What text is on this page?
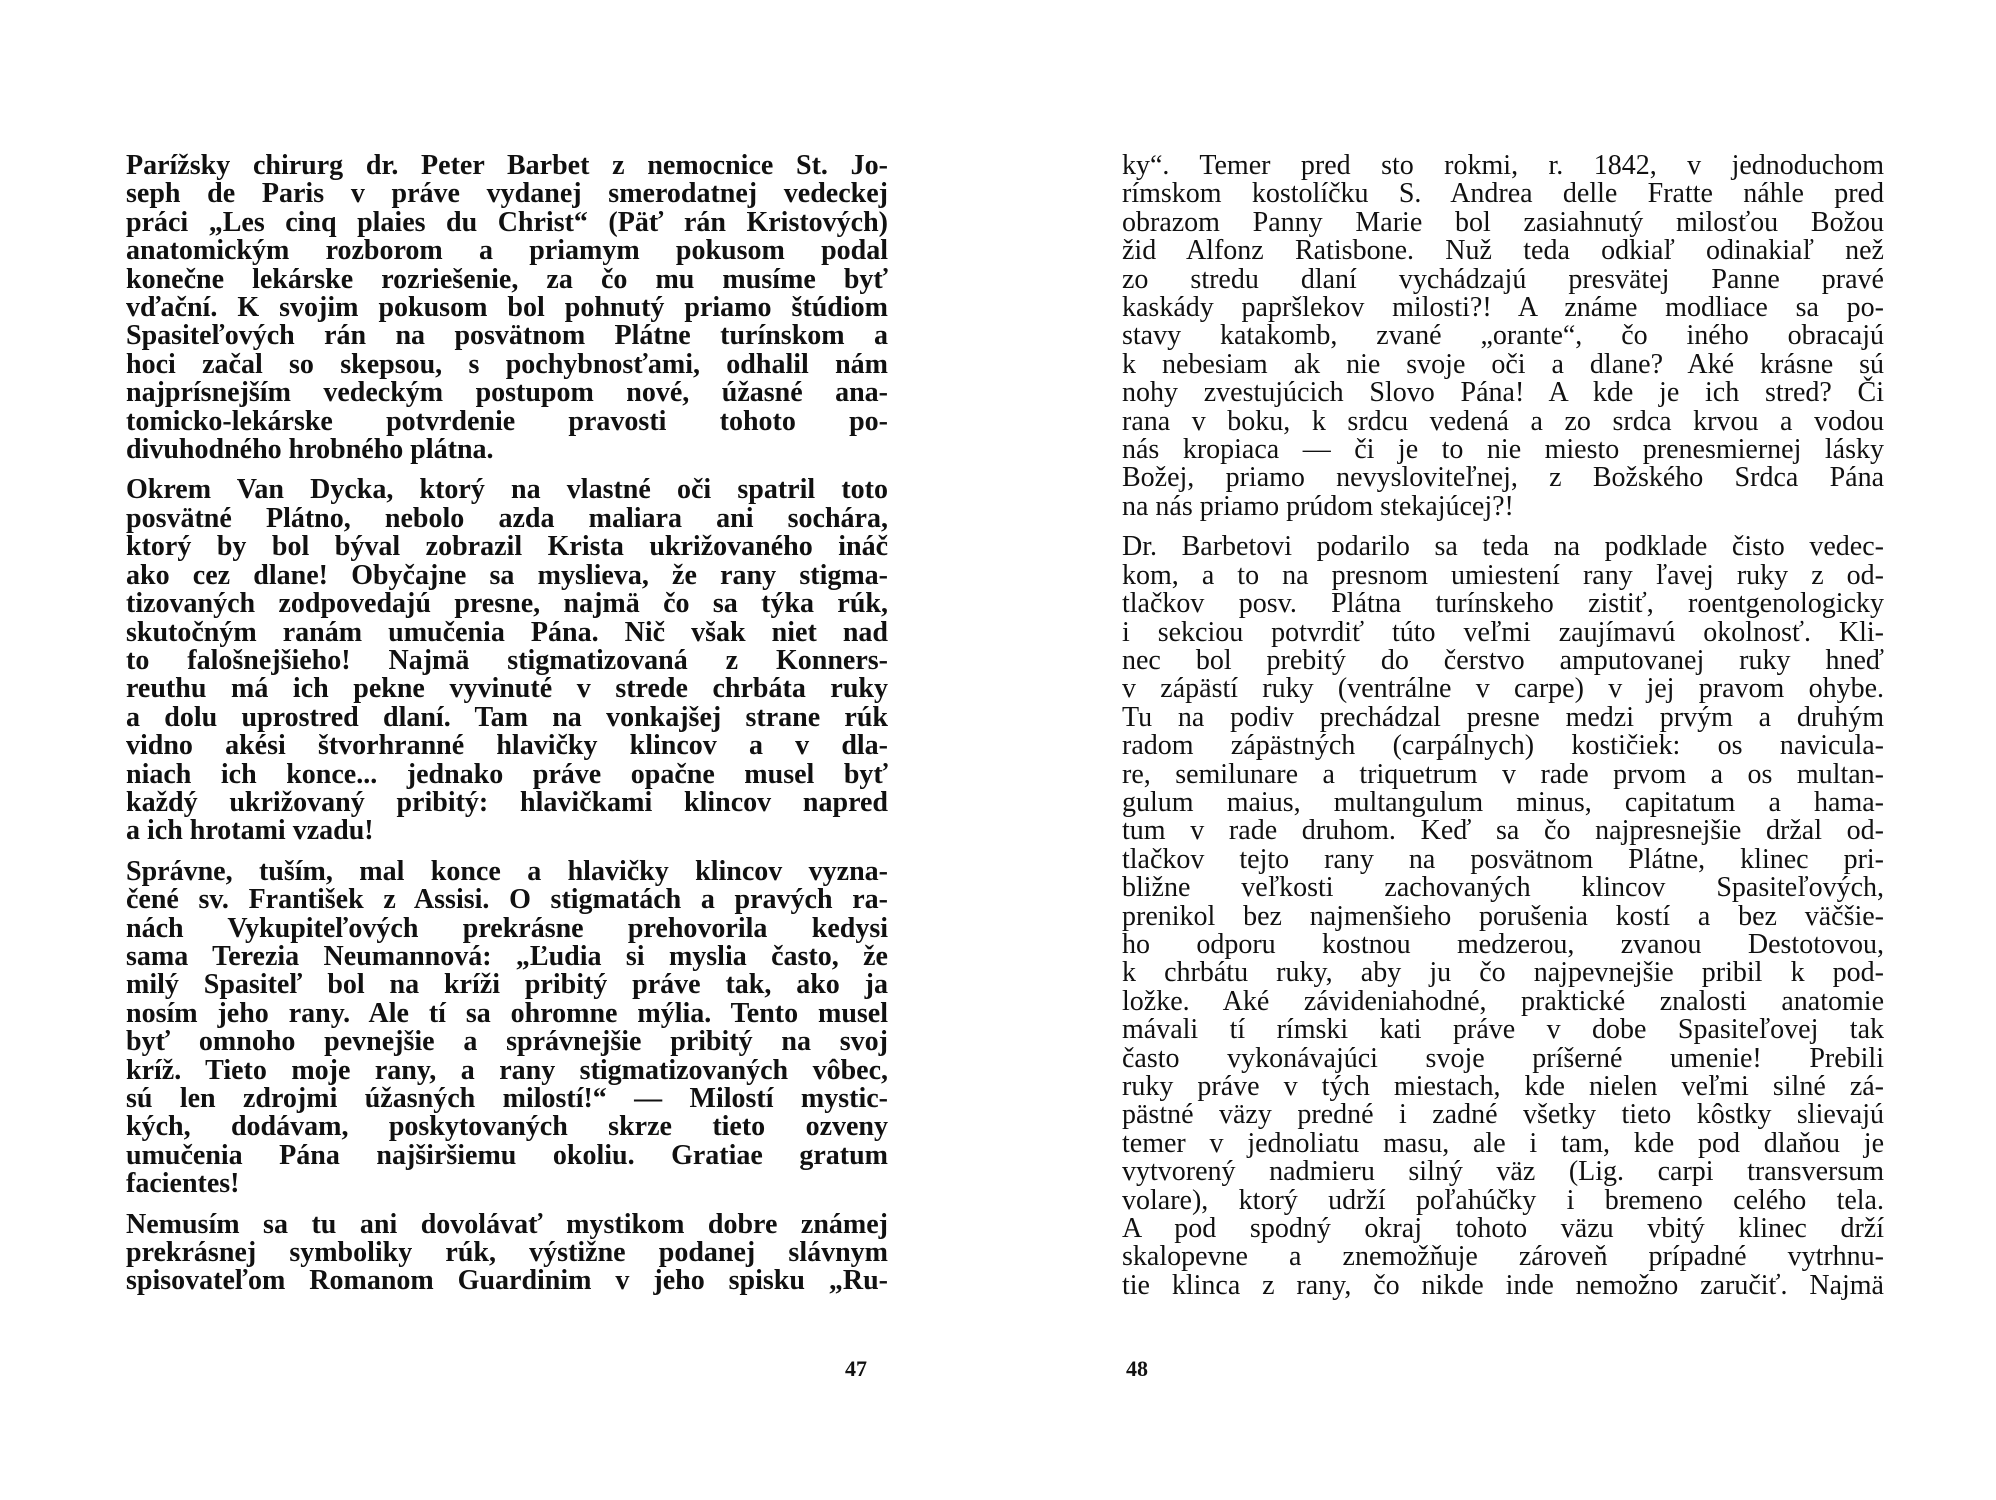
Parížsky chirurg dr. Peter Barbet z nemocnice St. Jo-
seph de Paris v práve vydanej smerodatnej vedeckej
práci „Les cinq plaies du Christ“ (Päť rán Kristových)
anatomickým rozborom a priamym pokusom podal
konečne lekárske rozriešenie, za čo mu musíme byť
vďační. K svojim pokusom bol pohnutý priamo štúdiom
Spasiteľových rán na posvätnom Plátne turínskom a
hoci začal so skepsou, s pochybnosťami, odhalil nám
najprísnejším vedeckým postupom nové, úžasné ana-
tomicko-lekárske potvrdenie pravosti tohoto po-
divuhodného hrobného plátna.

Okrem Van Dycka, ktorý na vlastné oči spatril toto
posvätné Plátno, nebolo azda maliara ani sochára,
ktorý by bol býval zobrazil Krista ukrižovaného ináč
ako cez dlane! Obyčajne sa myslieva, že rany stigma-
tizovaných zodpovedajú presne, najmä čo sa týka rúk,
skutočným ranám umučenia Pána. Nič však niet nad
to falošnejšieho! Najmä stigmatizovaná z Konners-
reuthu má ich pekne vyvinuté v strede chrbáta ruky
a dolu uprostred dlaní. Tam na vonkajšej strane rúk
vidno akési štvorhranné hlavičky klincov a v dla-
niach ich konce... jednako práve opačne musel byť
každý ukrižovaný pribitý: hlavičkami klincov napred
a ich hrotami vzadu!

Správne, tuším, mal konce a hlavičky klincov vyzna-
čené sv. František z Assisi. O stigmatách a pravých ra-
nách Vykupiteľových prekrásne prehovorila kedysi
sama Terezia Neumannová: „Ľudia si myslia často, že
milý Spasiteľ bol na kríži pribitý práve tak, ako ja
nosím jeho rany. Ale tí sa ohromne mýlia. Tento musel
byť omnoho pevnejšie a správnejšie pribitý na svoj
kríž. Tieto moje rany, a rany stigmatizovaných vôbec,
sú len zdrojmi úžasných milostí!“ — Milostí mystic-
kých, dodávam, poskytovaných skrze tieto ozveny
umučenia Pána najširšiemu okoliu. Gratiae gratum
facientes!

Nemusím sa tu ani dovolávať mystikom dobre známej
prekrásnej symboliky rúk, výstižne podanej slávnym
spisovateľom Romanom Guardinim v jeho spisku „Ru-

47

ky“. Temer pred sto rokmi, r. 1842, v jednoduchom
rímskom kostolíčku S. Andrea delle Fratte náhle pred
obrazom Panny Marie bol zasiahnutý milosťou Božou
žid Alfonz Ratisbone. Nuž teda odkiaľ odinakiaľ než
zo stredu dlaní vychádzajú presvätej Panne pravé
kaskády papršlekov milosti?! A známe modliace sa po-
stavy katakomb, zvané „orante“, čo iného obracajú
k nebesiam ak nie svoje oči a dlane? Aké krásne sú
nohy zvestujúcich Slovo Pána! A kde je ich stred? Či
rana v boku, k srdcu vedená a zo srdca krvou a vodou
nás kropiaca — či je to nie miesto prenesmiernej lásky
Božej, priamo nevysloviteľnej, z Božského Srdca Pána
na nás priamo prúdom stekajúcej?!

Dr. Barbetovi podarilo sa teda na podklade čisto vedec-
kom, a to na presnom umiestení rany ľavej ruky z od-
tlačkov posv. Plátna turínskeho zistiť, roentgenologicky
i sekciou potvrdiť túto veľmi zaujímavú okolnosť. Kli-
nec bol prebitý do čerstvo amputovanej ruky hneď
v zápästí ruky (ventrálne v carpe) v jej pravom ohybe.
Tu na podiv prechádzal presne medzi prvým a druhým
radom zápästných (carpálnych) kostičiek: os navicula-
re, semilunare a triquetrum v rade prvom a os multan-
gulum maius, multangulum minus, capitatum a hama-
tum v rade druhom. Keď sa čo najpresnejšie držal od-
tlačkov tejto rany na posvätnom Plátne, klinec pri-
bližne veľkosti zachovaných klincov Spasiteľových,
prenikol bez najmenšieho porušenia kostí a bez väčšie-
ho odporu kostnou medzerou, zvanou Destotovou,
k chrbátu ruky, aby ju čo najpevnejšie pribil k pod-
ložke. Aké závideniahodné, praktické znalosti anatomie
mávali tí rímski kati práve v dobe Spasiteľovej tak
často vykonávajúci svoje príšerné umenie! Prebili
ruky práve v tých miestach, kde nielen veľmi silné zá-
pästné väzy predné i zadné všetky tieto kôstky slievajú
temer v jednoliatu masu, ale i tam, kde pod dlaňou je
vytvorený nadmieru silný väz (Lig. carpi transversum
volare), ktorý udrží poľahúčky i bremeno celého tela.
A pod spodný okraj tohoto väzu vbitý klinec drží
skalopevne a znemožňuje zároveň prípadné vytrhnu-
tie klinca z rany, čo nikde inde nemožno zaručiť. Najmä

48
